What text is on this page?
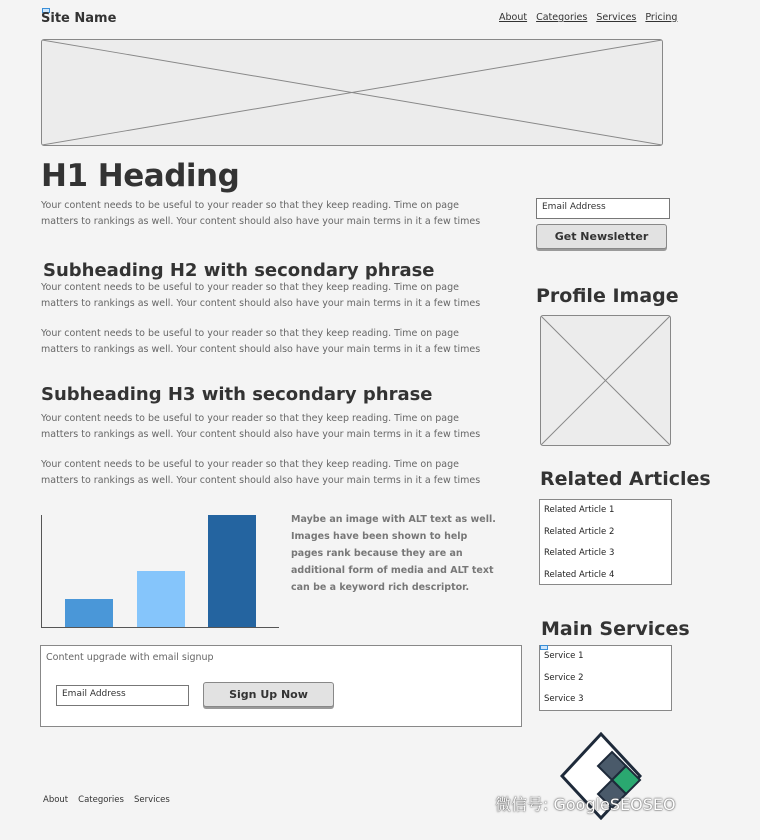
Site Name	About Categories Services Pricing
H1 Heading
Your content needs to be useful to your reader so that they keep reading. Time on page matters to rankings as well. Your content should also have your main terms in it a few times
Subheading H2 with secondary phrase
Your content needs to be useful to your reader so that they keep reading. Time on page matters to rankings as well. Your content should also have your main terms in it a few times
Your content needs to be useful to your reader so that they keep reading. Time on page matters to rankings as well. Your content should also have your main terms in it a few times
Subheading H3 with secondary phrase
Your content needs to be useful to your reader so that they keep reading. Time on page matters to rankings as well. Your content should also have your main terms in it a few times
Your content needs to be useful to your reader so that they keep reading. Time on page matters to rankings as well. Your content should also have your main terms in it a few times
Maybe an image with ALT text as well. Images have been shown to help pages rank because they are an additional form of media and ALT text can be a keyword rich descriptor.
Content upgrade with email signup
Email Address	Sign Up Now
Email Address
Get Newsletter
Profile Image
Related Articles
Related Article 1
Related Article 2
Related Article 3
Related Article 4
Main Services
Service 1
Service 2
Service 3
About Categories Services	微信号: GoogleSEOSEO
